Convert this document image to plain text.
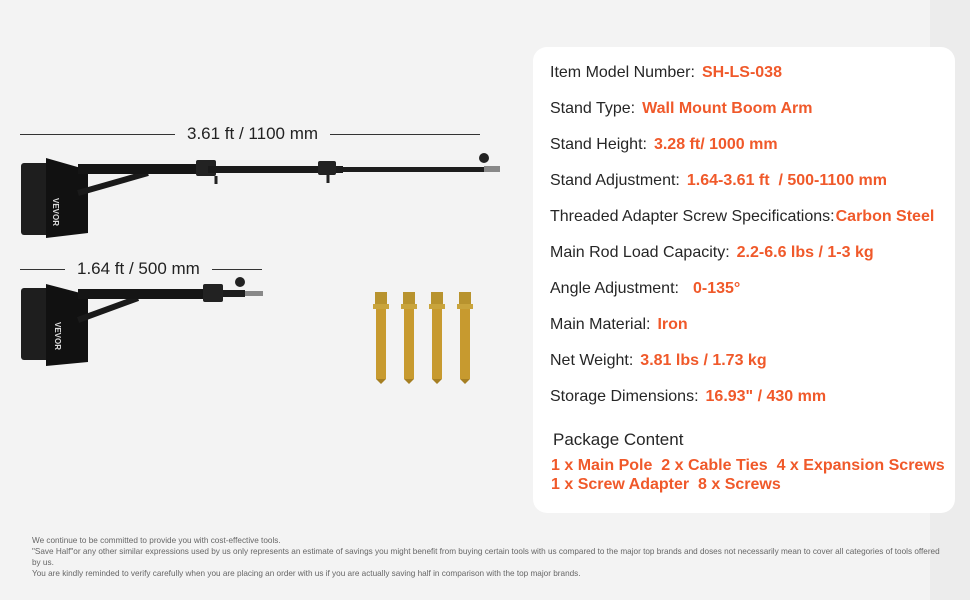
3.61 ft / 1100 mm
VEVOR
1.64 ft / 500 mm
VEVOR
Item Model Number: SH-LS-038
Stand Type: Wall Mount Boom Arm
Stand Height: 3.28 ft/ 1000 mm
Stand Adjustment: 1.64-3.61 ft  / 500-1100 mm
Threaded Adapter Screw Specifications: Carbon Steel
Main Rod Load Capacity: 2.2-6.6 lbs / 1-3 kg
Angle Adjustment: 0-135°
Main Material: Iron
Net Weight: 3.81 lbs / 1.73 kg
Storage Dimensions: 16.93" / 430 mm
Package Content
1 x Main Pole  2 x Cable Ties  4 x Expansion Screws
1 x Screw Adapter  8 x Screws

We continue to be committed to provide you with cost-effective tools.

"Save Half"or any other similar expressions used by us only represents an estimate of savings you might benefit from buying certain tools with us compared to the major top brands and doses not necessarily mean to cover all categories of tools offered by us.

You are kindly reminded to verify carefully when you are placing an order with us if you are actually saving half in comparison with the top major brands.
